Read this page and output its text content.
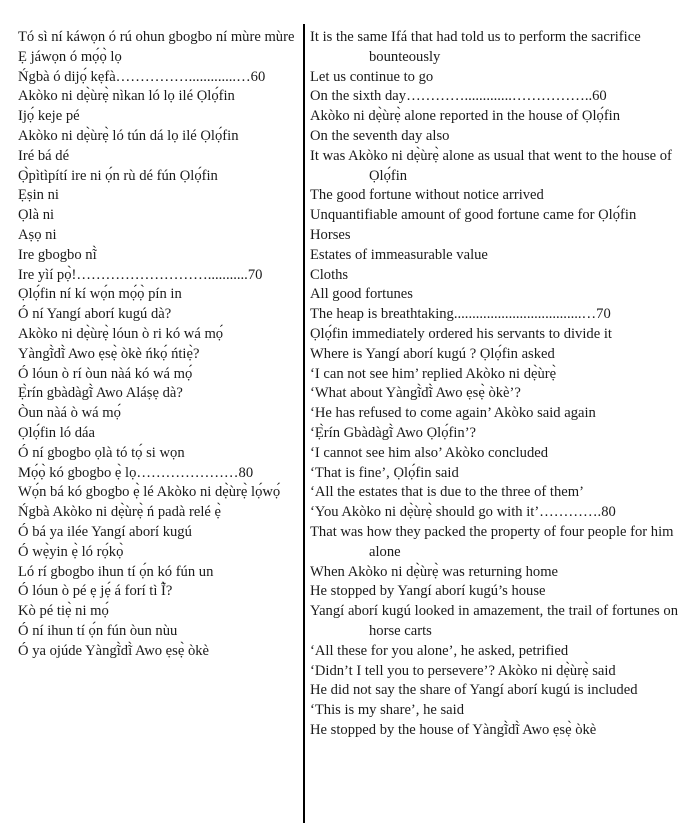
Tó sì ní káwọn ó rú ohun gbogbo ní mùre mùre
Ẹ jáwọn ó mọ́ọ̀ lọ
Ńgbà ó dijọ́ kẹfà…………….............…60
Akòko ni dẹ̀ùrẹ̀ nìkan ló lọ ilé Ọlọ́fin
Ijọ́ keje pé
Akòko ni dẹ̀ùrẹ̀ ló tún dá lọ ilé Ọlọ́fin
Iré bá dé
Ọ̀pìtìpítí ire ni ọ́n rù dé fún Ọlọ́fin
Ẹṣin ni
Ọlà ni
Aṣọ ni
Ire gbogbo nĩ̀
Ire yìí pọ̀!………………………...........70
Ọlọ́fin ní kí wọ́n mọ́ọ̀ pín in
Ó ní Yangí aborí kugú dà?
Akòko ni dẹ̀ùrẹ̀ lóun ò ri kó wá mọ́
Yàngĩ̀dĩ̀ Awo ẹsẹ̀ òkè ńkọ́ ńtiẹ̀?
Ó lóun ò rí òun nàá kó wá mọ́
Ẹ̀rín gbàdàgĩ̀ Awo Aláṣẹ dà?
Òun nàá ò wá mọ́
Ọlọ́fin ló dáa
Ó ní gbogbo ọlà tó tọ́ si wọn
Mọ́ọ̀ kó gbogbo ẹ̀ lọ…………………80
Wọ́n bá kó gbogbo ẹ̀ lé Akòko ni dẹ̀ùrẹ̀ lọ́wọ́
Ńgbà Akòko ni dẹ̀ùrẹ̀ ń padà relé ẹ̀
Ó bá ya ilée Yangí aborí kugú
Ó wẹ̀yin ẹ̀ ló rọ́kọ̀
Ló rí gbogbo ihun tí ọ́n kó fún un
Ó lóun ò pé ẹ jẹ́ á forí tì Ĩ̀?
Kò pé tiẹ̀ ni mọ́
Ó ní ihun tí ọ́n fún òun nùu
Ó ya ojúde Yàngĩ̀dĩ̀ Awo ẹsẹ̀ òkè
It is the same Ifá that had told us to perform the sacrifice bounteously
Let us continue to go
On the sixth day………….............……………..60
Akòko ni dẹ̀ùrẹ̀ alone reported in the house of Ọlọ́fin
On the seventh day also
It was Akòko ni dẹ̀ùrẹ̀ alone as usual that went to the house of Ọlọ́fin
The good fortune without notice arrived
Unquantifiable amount of good fortune came for Ọlọ́fin
Horses
Estates of immeasurable value
Cloths
All good fortunes
The heap is breathtaking...................................…70
Ọlọ́fin immediately ordered his servants to divide it
Where is Yangí aborí kugú ? Ọlọ́fin asked
‘I can not see him’ replied Akòko ni dẹ̀ùrẹ̀
‘What about Yàngĩ̀dĩ̀ Awo ẹsẹ̀ òkè’?
‘He has refused to come again’ Akòko said again
‘Ẹ̀rín Gbàdàgĩ̀ Awo Ọlọ́fin’?
‘I cannot see him also’ Akòko concluded
‘That is fine’, Ọlọ́fin said
‘All the estates that is due to the three of them’
‘You Akòko ni dẹ̀ùrẹ̀ should go with it’………….80
That was how they packed the property of four people for him alone
When Akòko ni dẹ̀ùrẹ̀ was returning home
He stopped by Yangí aborí kugú’s house
Yangí aborí kugú looked in amazement, the trail of fortunes on horse carts
‘All these for you alone’, he asked, petrified
‘Didn’t I tell you to persevere’? Akòko ni dẹ̀ùrẹ̀ said
He did not say the share of Yangí aborí kugú is included
‘This is my share’, he said
He stopped by the house of Yàngĩ̀dĩ̀ Awo ẹsẹ̀ òkè
